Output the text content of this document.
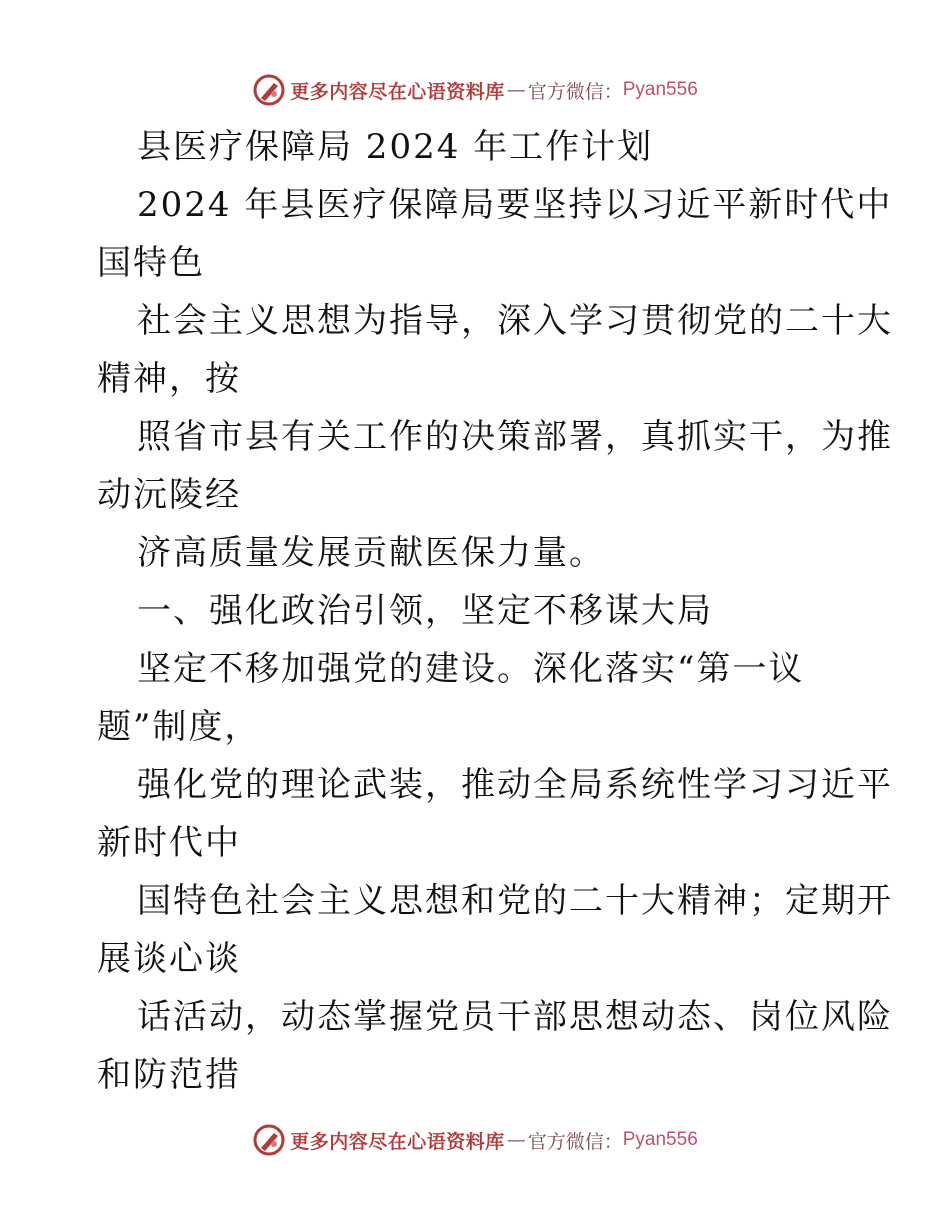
更多内容尽在心语资料库 — 官方微信： Pyan556
县医疗保障局 2024 年工作计划
2024 年县医疗保障局要坚持以习近平新时代中
国特色
社会主义思想为指导，深入学习贯彻党的二十大
精神，按
照省市县有关工作的决策部署，真抓实干，为推
动沅陵经
济高质量发展贡献医保力量。
一、强化政治引领，坚定不移谋大局
坚定不移加强党的建设。深化落实“第一议
题”制度，
强化党的理论武装，推动全局系统性学习习近平
新时代中
国特色社会主义思想和党的二十大精神；定期开
展谈心谈
话活动，动态掌握党员干部思想动态、岗位风险
和防范措
更多内容尽在心语资料库 — 官方微信： Pyan556
